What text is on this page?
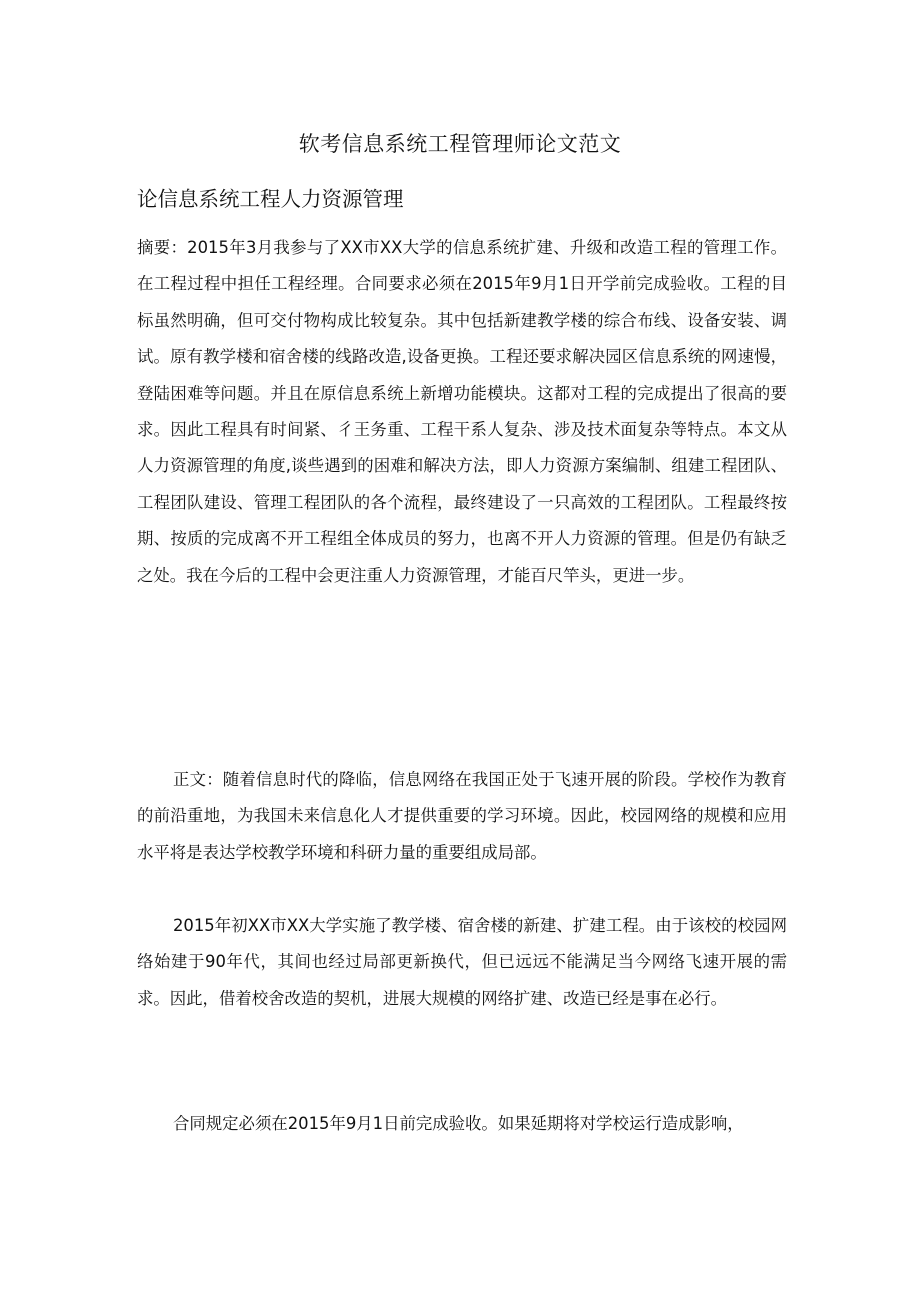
软考信息系统工程管理师论文范文
论信息系统工程人力资源管理

摘要：2015年3月我参与了XX市XX大学的信息系统扩建、升级和改造工程的管理工作。在工程过程中担任工程经理。合同要求必须在2015年9月1日开学前完成验收。工程的目标虽然明确，但可交付物构成比较复杂。其中包括新建教学楼的综合布线、设备安装、调试。原有教学楼和宿舍楼的线路改造,设备更换。工程还要求解决园区信息系统的网速慢，登陆困难等问题。并且在原信息系统上新增功能模块。这都对工程的完成提出了很高的要求。因此工程具有时间紧、彳王务重、工程干系人复杂、涉及技术面复杂等特点。本文从人力资源管理的角度,谈些遇到的困难和解决方法，即人力资源方案编制、组建工程团队、工程团队建设、管理工程团队的各个流程，最终建设了一只高效的工程团队。工程最终按期、按质的完成离不开工程组全体成员的努力，也离不开人力资源的管理。但是仍有缺乏之处。我在今后的工程中会更注重人力资源管理，才能百尺竿头，更进一步。

正文：随着信息时代的降临，信息网络在我国正处于飞速开展的阶段。学校作为教育的前沿重地，为我国未来信息化人才提供重要的学习环境。因此，校园网络的规模和应用水平将是表达学校教学环境和科研力量的重要组成局部。

2015年初XX市XX大学实施了教学楼、宿舍楼的新建、扩建工程。由于该校的校园网络始建于90年代，其间也经过局部更新换代，但已远远不能满足当今网络飞速开展的需求。因此，借着校舍改造的契机，进展大规模的网络扩建、改造已经是事在必行。

合同规定必须在2015年9月1日前完成验收。如果延期将对学校运行造成影响，
